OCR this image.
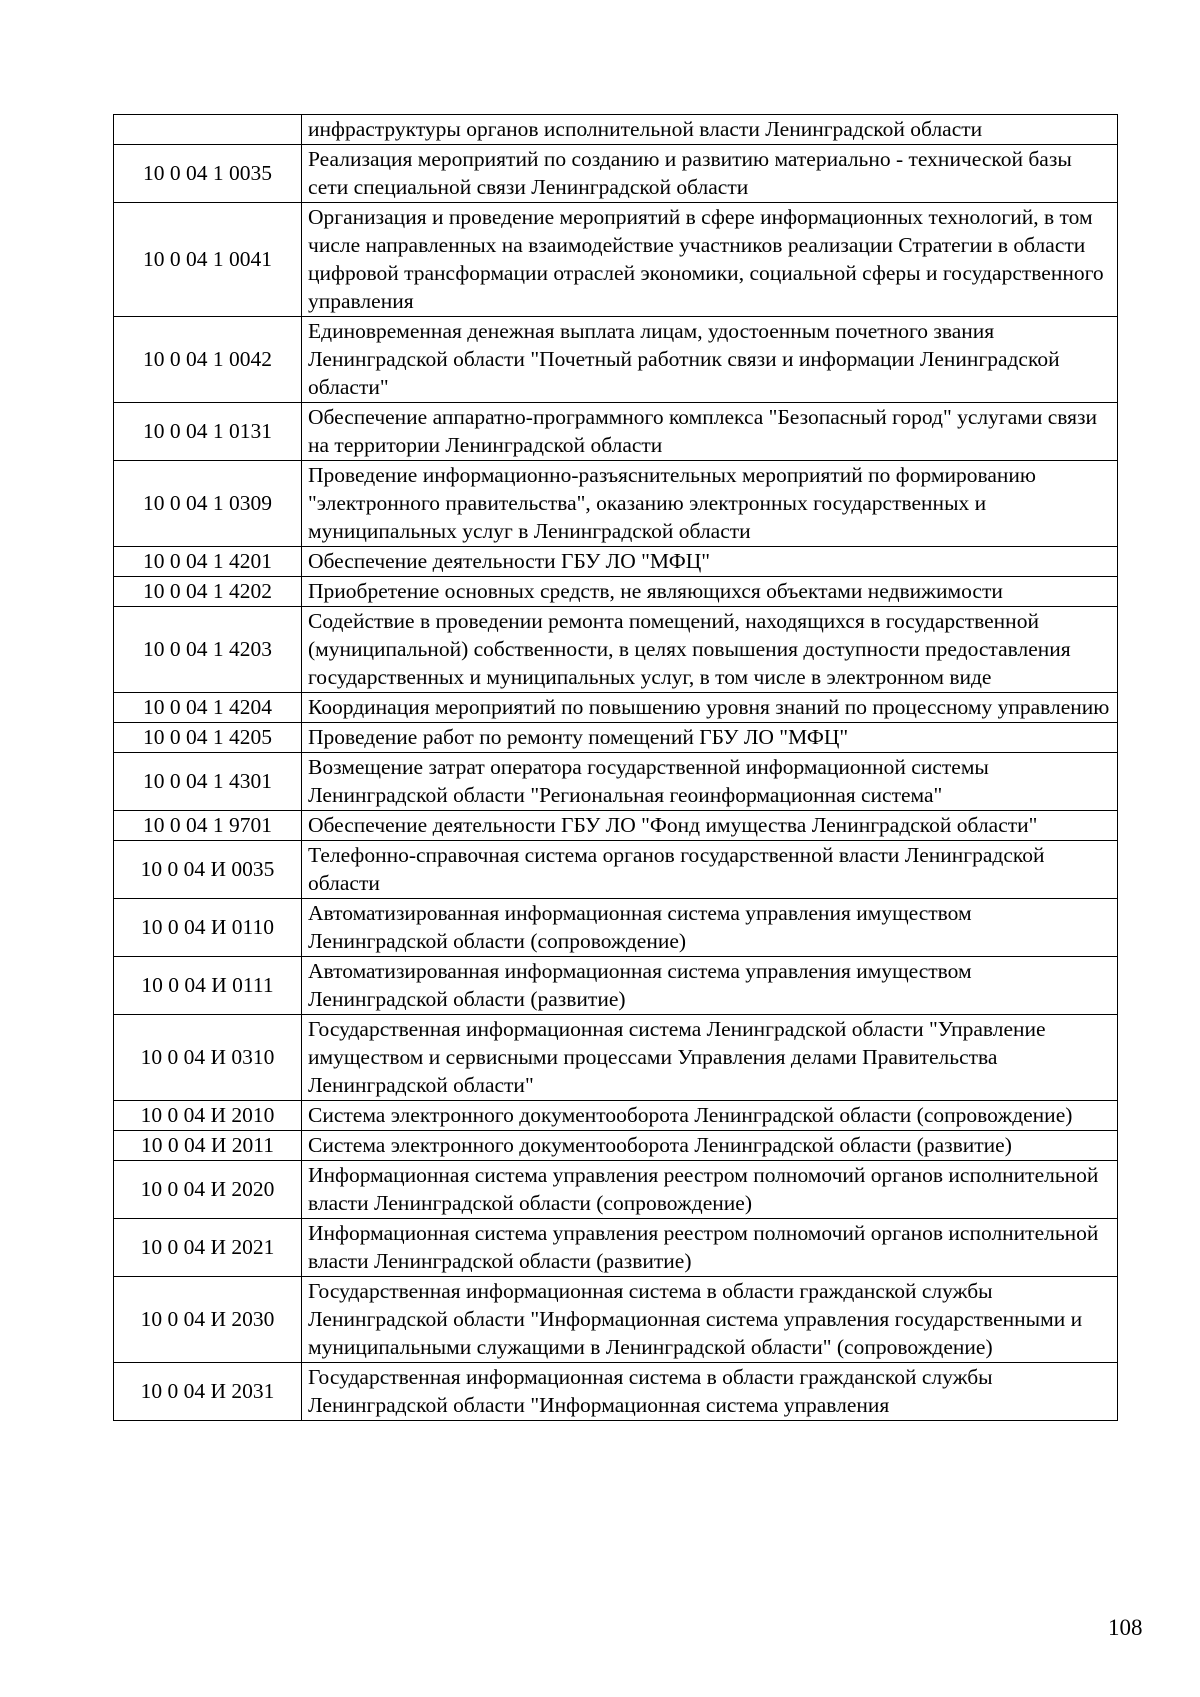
	инфраструктуры органов исполнительной власти Ленинградской области
10 0 04 1 0035	Реализация мероприятий по созданию и развитию материально - технической базы сети специальной связи Ленинградской области
10 0 04 1 0041	Организация и проведение мероприятий в сфере информационных технологий, в том числе направленных на взаимодействие участников реализации Стратегии в области цифровой трансформации отраслей экономики, социальной сферы и государственного управления
10 0 04 1 0042	Единовременная денежная выплата лицам, удостоенным почетного звания Ленинградской области "Почетный работник связи и информации Ленинградской области"
10 0 04 1 0131	Обеспечение аппаратно-программного комплекса "Безопасный город" услугами связи на территории Ленинградской области
10 0 04 1 0309	Проведение информационно-разъяснительных мероприятий по формированию "электронного правительства", оказанию электронных государственных и муниципальных услуг в Ленинградской области
10 0 04 1 4201	Обеспечение деятельности ГБУ ЛО "МФЦ"
10 0 04 1 4202	Приобретение основных средств, не являющихся объектами недвижимости
10 0 04 1 4203	Содействие в проведении ремонта помещений, находящихся в государственной (муниципальной) собственности, в целях повышения доступности предоставления государственных и муниципальных услуг, в том числе в электронном виде
10 0 04 1 4204	Координация мероприятий по повышению уровня знаний по процессному управлению
10 0 04 1 4205	Проведение работ по ремонту помещений ГБУ ЛО "МФЦ"
10 0 04 1 4301	Возмещение затрат оператора государственной информационной системы Ленинградской области "Региональная геоинформационная система"
10 0 04 1 9701	Обеспечение деятельности ГБУ ЛО "Фонд имущества Ленинградской области"
10 0 04 И 0035	Телефонно-справочная система органов государственной власти Ленинградской области
10 0 04 И 0110	Автоматизированная информационная система управления имуществом Ленинградской области (сопровождение)
10 0 04 И 0111	Автоматизированная информационная система управления имуществом Ленинградской области (развитие)
10 0 04 И 0310	Государственная информационная система Ленинградской области "Управление имуществом и сервисными процессами Управления делами Правительства Ленинградской области"
10 0 04 И 2010	Система электронного документооборота Ленинградской области (сопровождение)
10 0 04 И 2011	Система электронного документооборота Ленинградской области (развитие)
10 0 04 И 2020	Информационная система управления реестром полномочий органов исполнительной власти Ленинградской области (сопровождение)
10 0 04 И 2021	Информационная система управления реестром полномочий органов исполнительной власти Ленинградской области (развитие)
10 0 04 И 2030	Государственная информационная система в области гражданской службы Ленинградской области "Информационная система управления государственными и муниципальными служащими в Ленинградской области" (сопровождение)
10 0 04 И 2031	Государственная информационная система в области гражданской службы Ленинградской области "Информационная система управления
108
